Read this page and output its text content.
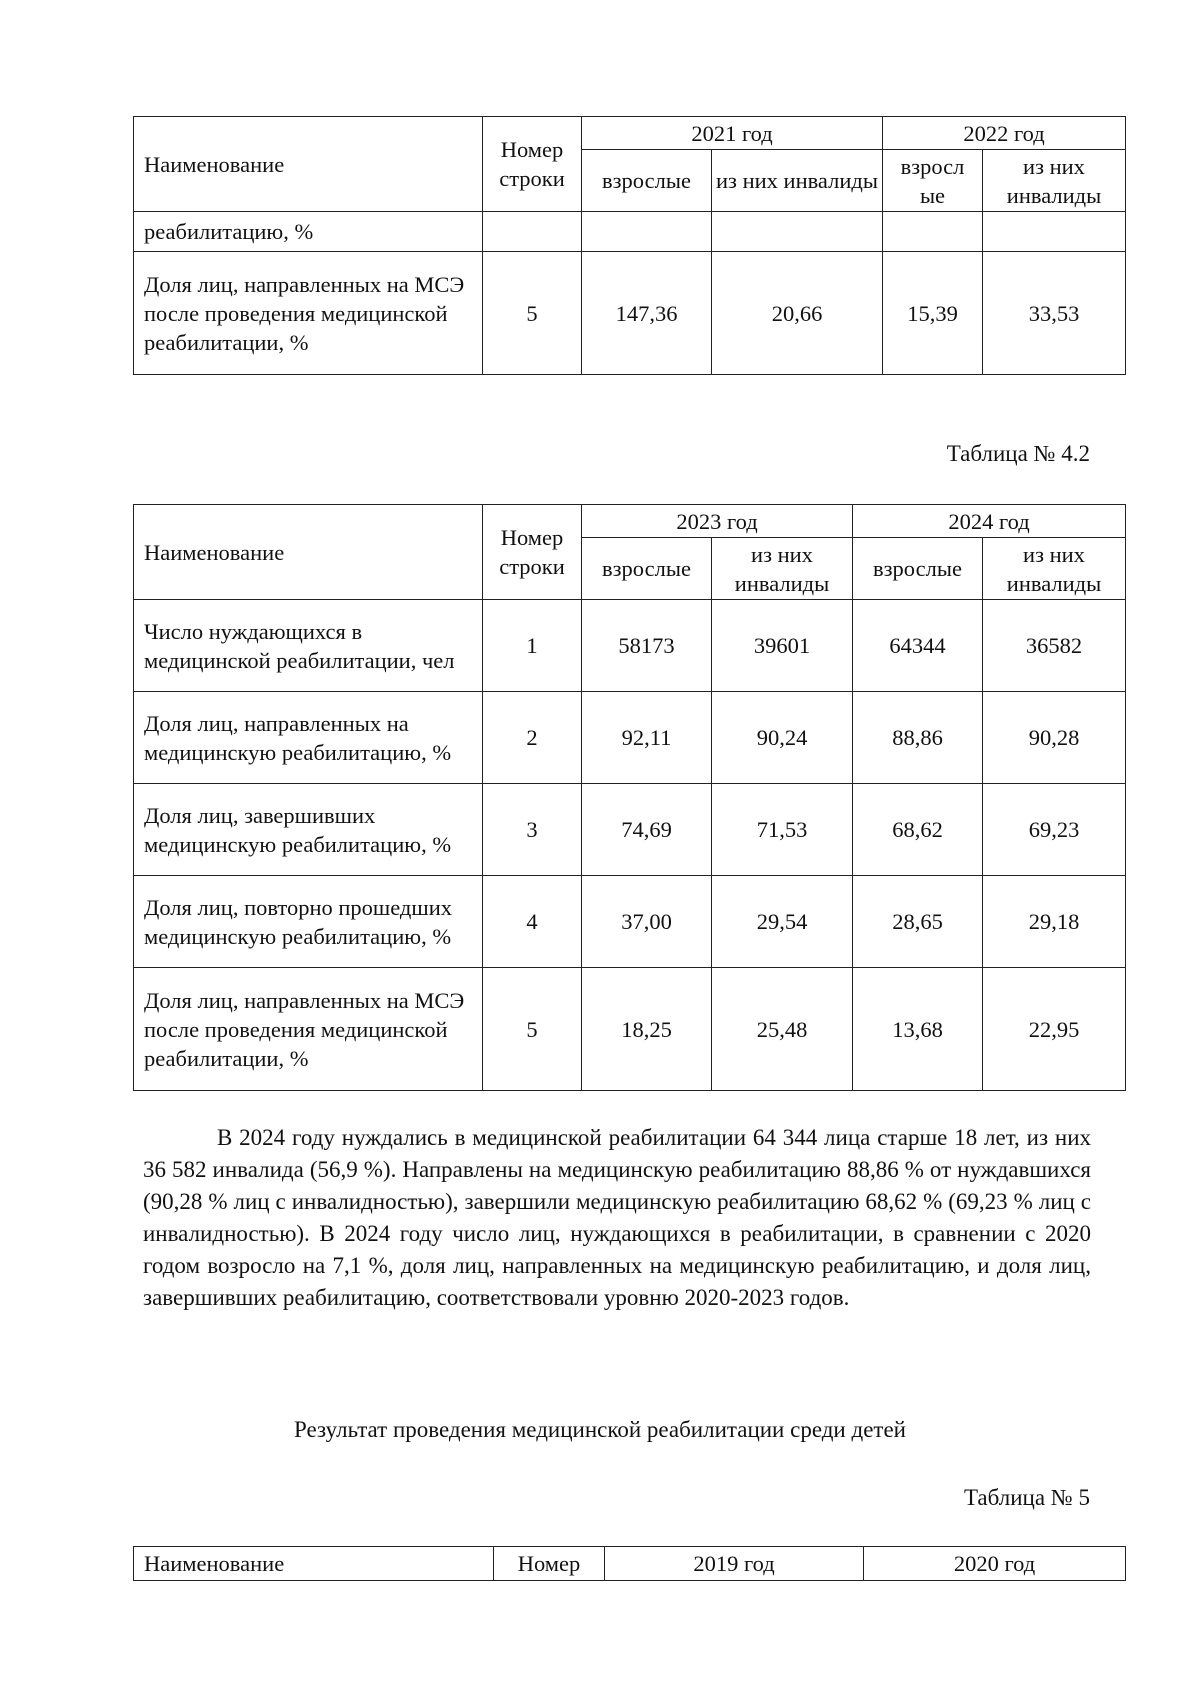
Наименование	Номер строки	2021 год		2022 год	
		взрослые	из них инвалиды	взросл ые	из них инвалиды
реабилитацию, %					
Доля лиц, направленных на МСЭ после проведения медицинской реабилитации, %	5	147,36	20,66	15,39	33,53
Таблица № 4.2
Наименование	Номер строки	2023 год		2024 год	
		взрослые	из них инвалиды	взрослые	из них инвалиды
Число нуждающихся в медицинской реабилитации, чел	1	58173	39601	64344	36582
Доля лиц, направленных на медицинскую реабилитацию, %	2	92,11	90,24	88,86	90,28
Доля лиц, завершивших медицинскую реабилитацию, %	3	74,69	71,53	68,62	69,23
Доля лиц, повторно прошедших медицинскую реабилитацию, %	4	37,00	29,54	28,65	29,18
Доля лиц, направленных на МСЭ после проведения медицинской реабилитации, %	5	18,25	25,48	13,68	22,95

В 2024 году нуждались в медицинской реабилитации 64 344 лица старше 18 лет, из них 36 582 инвалида (56,9 %). Направлены на медицинскую реабилитацию 88,86 % от нуждавшихся (90,28 % лиц с инвалидностью), завершили медицинскую реабилитацию 68,62 % (69,23 % лиц с инвалидностью). В 2024 году число лиц, нуждающихся в реабилитации, в сравнении с 2020 годом возросло на 7,1 %, доля лиц, направленных на медицинскую реабилитацию, и доля лиц, завершивших реабилитацию, соответствовали уровню 2020-2023 годов.

Результат проведения медицинской реабилитации среди детей
Таблица № 5
Наименование	Номер	2019 год	2020 год
